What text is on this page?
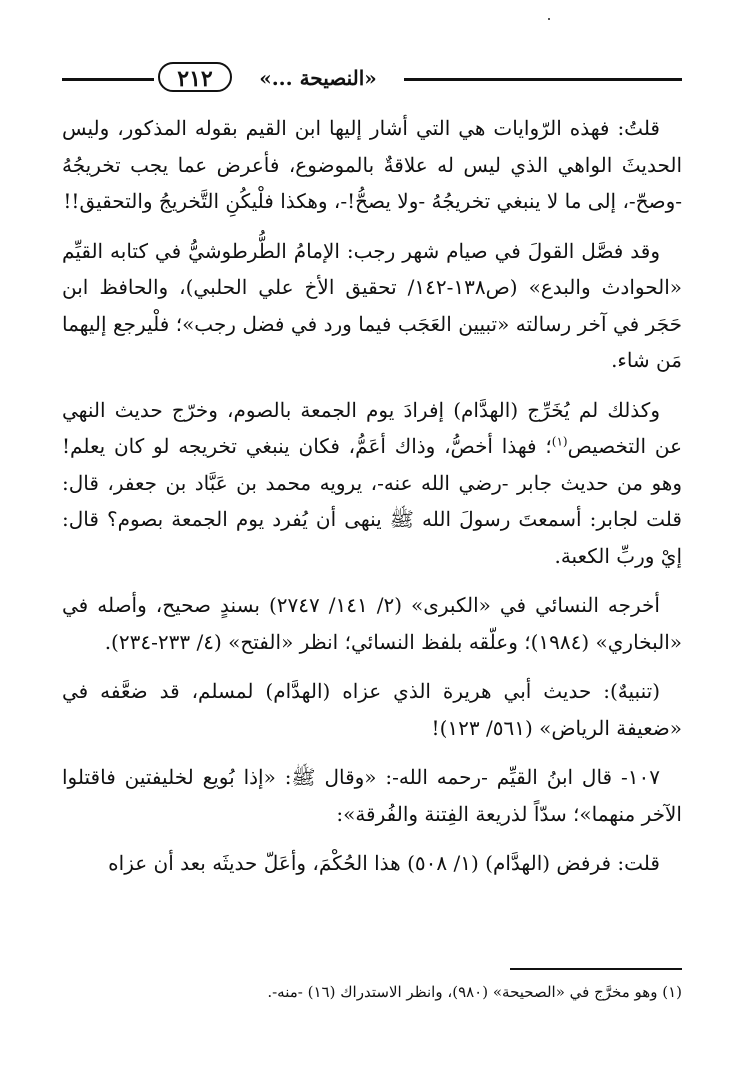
٢١٢	«النصيحة ...»

قلتُ: فهذه الرّوايات هي التي أشار إليها ابن القيم بقوله المذكور، وليس الحديثَ الواهي الذي ليس له علاقةٌ بالموضوع، فأعرض عما يجب تخريجُهُ -وصحّ-، إلى ما لا ينبغي تخريجُهُ -ولا يصحُّ!-، وهكذا فلْيكُنِ التَّخريجُ والتحقيق!!

وقد فصَّل القولَ في صيام شهر رجب: الإمامُ الطُّرطوشيُّ في كتابه القيِّم «الحوادث والبدع» (ص١٣٨-١٤٢/ تحقيق الأخ علي الحلبي)، والحافظ ابن حَجَر في آخر رسالته «تبيين العَجَب فيما ورد في فضل رجب»؛ فلْيرجع إليهما مَن شاء.

وكذلك لم يُخَرِّج (الهدَّام) إفرادَ يوم الجمعة بالصوم، وخرّج حديث النهي عن التخصيص$^{(١)}$؛ فهذا أخصُّ، وذاك أعَمُّ، فكان ينبغي تخريجه لو كان يعلم! وهو من حديث جابر -رضي الله عنه-، يرويه محمد بن عَبَّاد بن جعفر، قال: قلت لجابر: أسمعتَ رسولَ الله ﷺ ينهى أن يُفرد يوم الجمعة بصوم؟ قال: إيْ وربِّ الكعبة.

أخرجه النسائي في «الكبرى» (٢/ ١٤١/ ٢٧٤٧) بسندٍ صحيح، وأصله في «البخاري» (١٩٨٤)؛ وعلّقه بلفظ النسائي؛ انظر «الفتح» (٤/ ٢٣٣-٢٣٤).

(تنبيهٌ): حديث أبي هريرة الذي عزاه (الهدَّام) لمسلم، قد ضعَّفه في «ضعيفة الرياض» (٥٦١/ ١٢٣)!

١٠٧- قال ابنُ القيِّم -رحمه الله-: «وقال ﷺ: «إذا بُويع لخليفتين فاقتلوا الآخر منهما»؛ سدّاً لذريعة الفِتنة والفُرقة»:

قلت: فرفض (الهدَّام) (١/ ٥٠٨) هذا الحُكْمَ، وأعَلّ حديثَه بعد أن عزاه

(١) وهو مخرَّج في «الصحيحة» (٩٨٠)، وانظر الاستدراك (١٦) -منه-.
